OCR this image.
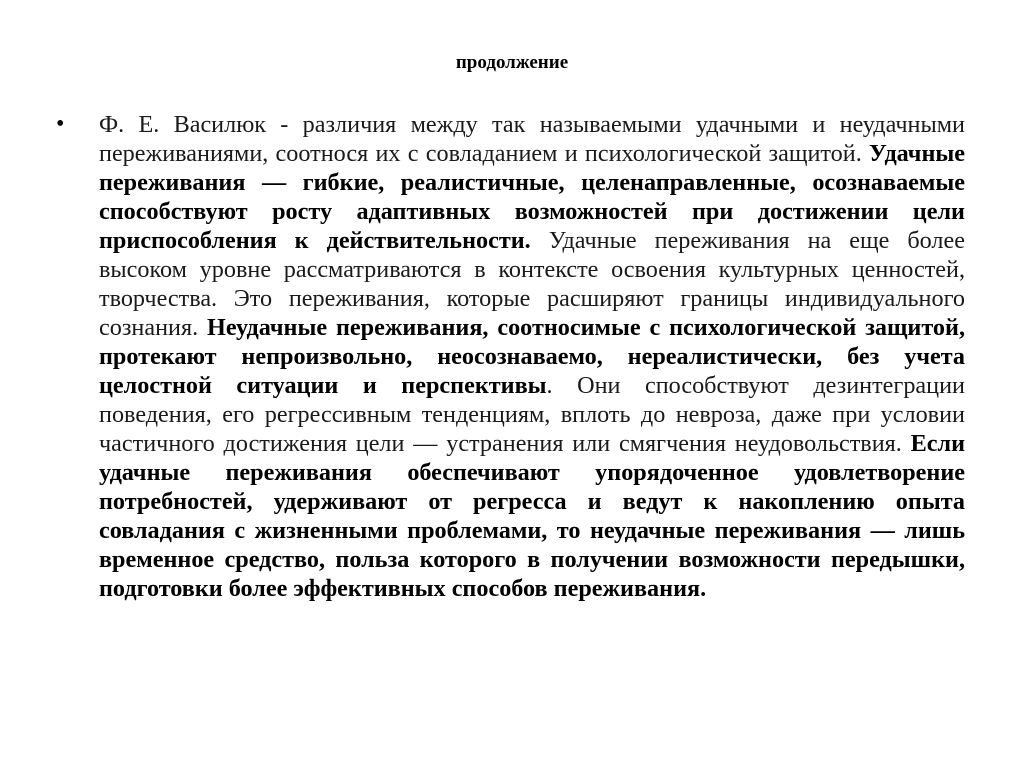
продолжение
• Ф. Е. Василюк - различия между так называемыми удачными и неудачными переживаниями, соотнося их с совладанием и психологической защитой. Удачные переживания — гибкие, реалистичные, целенаправленные, осознаваемые способствуют росту адаптивных возможностей при достижении цели приспособления к действительности. Удачные переживания на еще более высоком уровне рассматриваются в контексте освоения культурных ценностей, творчества. Это переживания, которые расширяют границы индивидуального сознания. Неудачные переживания, соотносимые с психологической защитой, протекают непроизвольно, неосознаваемо, нереалистически, без учета целостной ситуации и перспективы. Они способствуют дезинтеграции поведения, его регрессивным тенденциям, вплоть до невроза, даже при условии частичного достижения цели — устранения или смягчения неудовольствия. Если удачные переживания обеспечивают упорядоченное удовлетворение потребностей, удерживают от регресса и ведут к накоплению опыта совладания с жизненными проблемами, то неудачные переживания — лишь временное средство, польза которого в получении возможности передышки, подготовки более эффективных способов переживания.
